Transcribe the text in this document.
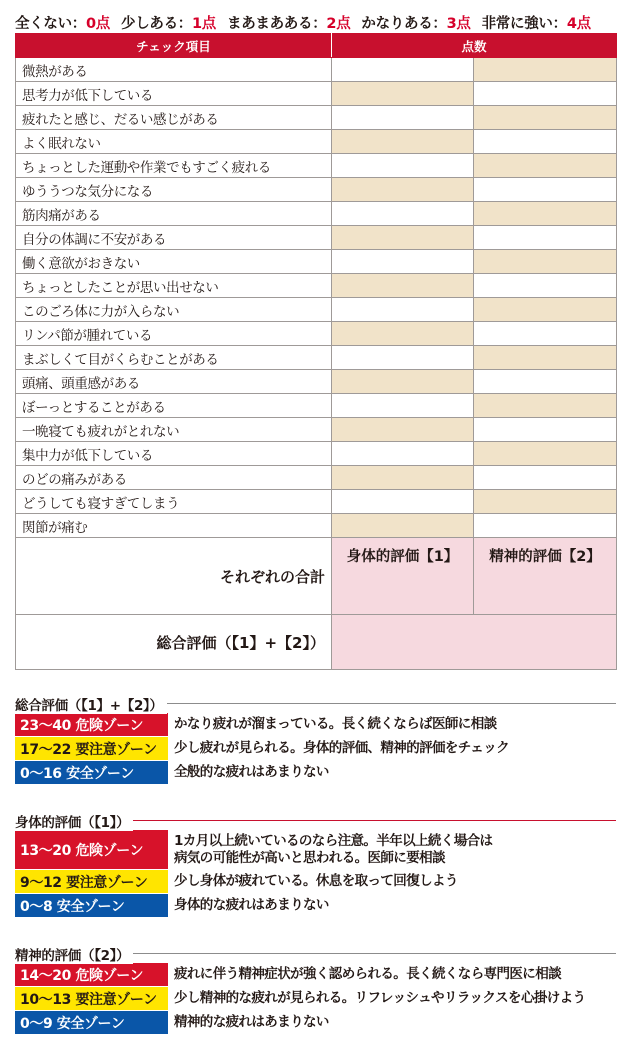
全くない：0点 少しある：1点 まあまあある：2点 かなりある：3点 非常に強い：4点
チェック項目	点数	
微熱がある		
思考力が低下している		
疲れたと感じ、だるい感じがある		
よく眠れない		
ちょっとした運動や作業でもすごく疲れる		
ゆううつな気分になる		
筋肉痛がある		
自分の体調に不安がある		
働く意欲がおきない		
ちょっとしたことが思い出せない		
このごろ体に力が入らない		
リンパ節が腫れている		
まぶしくて目がくらむことがある		
頭痛、頭重感がある		
ぼーっとすることがある		
一晩寝ても疲れがとれない		
集中力が低下している		
のどの痛みがある		
どうしても寝すぎてしまう		
関節が痛む		
それぞれの合計	身体的評価【1】	精神的評価【2】
総合評価（【1】+【2】）		
総合評価（【1】+【2】）
23～40 危険ゾーン	かなり疲れが溜まっている。長く続くならば医師に相談
17～22 要注意ゾーン	少し疲れが見られる。身体的評価、精神的評価をチェック
0～16 安全ゾーン	全般的な疲れはあまりない
身体的評価（【1】）
13～20 危険ゾーン
1カ月以上続いているのなら注意。半年以上続く場合は
病気の可能性が高いと思われる。医師に要相談
9～12 要注意ゾーン	少し身体が疲れている。休息を取って回復しよう
0～8 安全ゾーン	身体的な疲れはあまりない
精神的評価（【2】）
14～20 危険ゾーン	疲れに伴う精神症状が強く認められる。長く続くなら専門医に相談
10～13 要注意ゾーン	少し精神的な疲れが見られる。リフレッシュやリラックスを心掛けよう
0～9 安全ゾーン	精神的な疲れはあまりない
